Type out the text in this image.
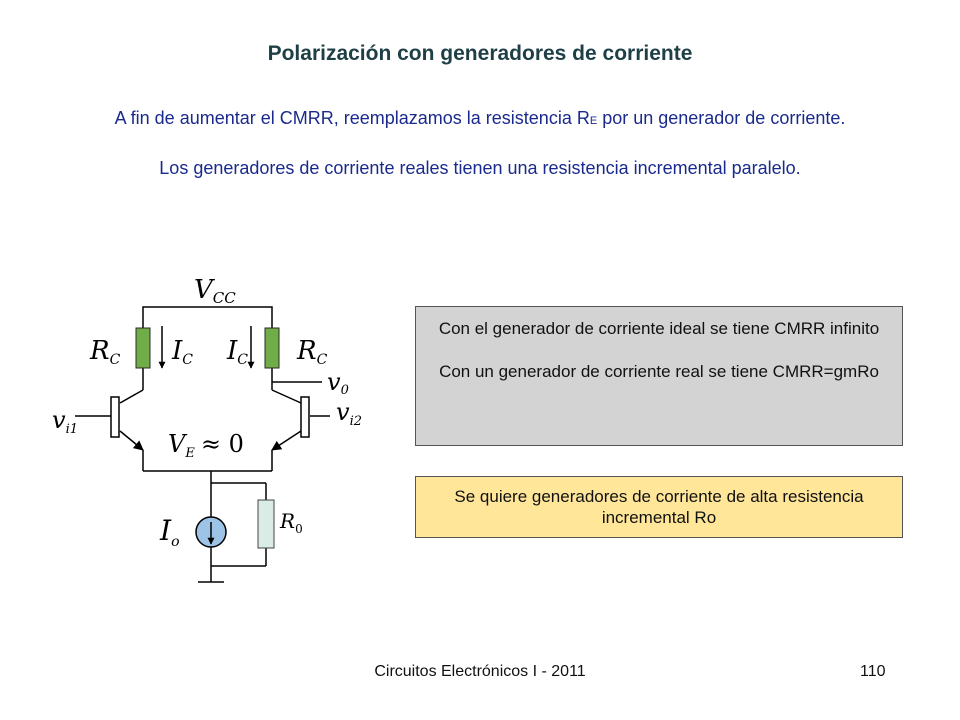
Polarización con generadores de corriente
A fin de aumentar el CMRR, reemplazamos la resistencia RE por un generador de corriente.
Los generadores de corriente reales tienen una resistencia incremental paralelo.
VCC
RC IC IC RC
v0
$v_{i1}$
$v_{i2}$
$V_E \approx 0$
$I_o$
$R_0$

Con el generador de corriente ideal se tiene CMRR infinito

Con un generador de corriente real se tiene CMRR=gmRo

Se quiere generadores de corriente de alta resistencia incremental Ro
Circuitos Electrónicos I - 2011	110
